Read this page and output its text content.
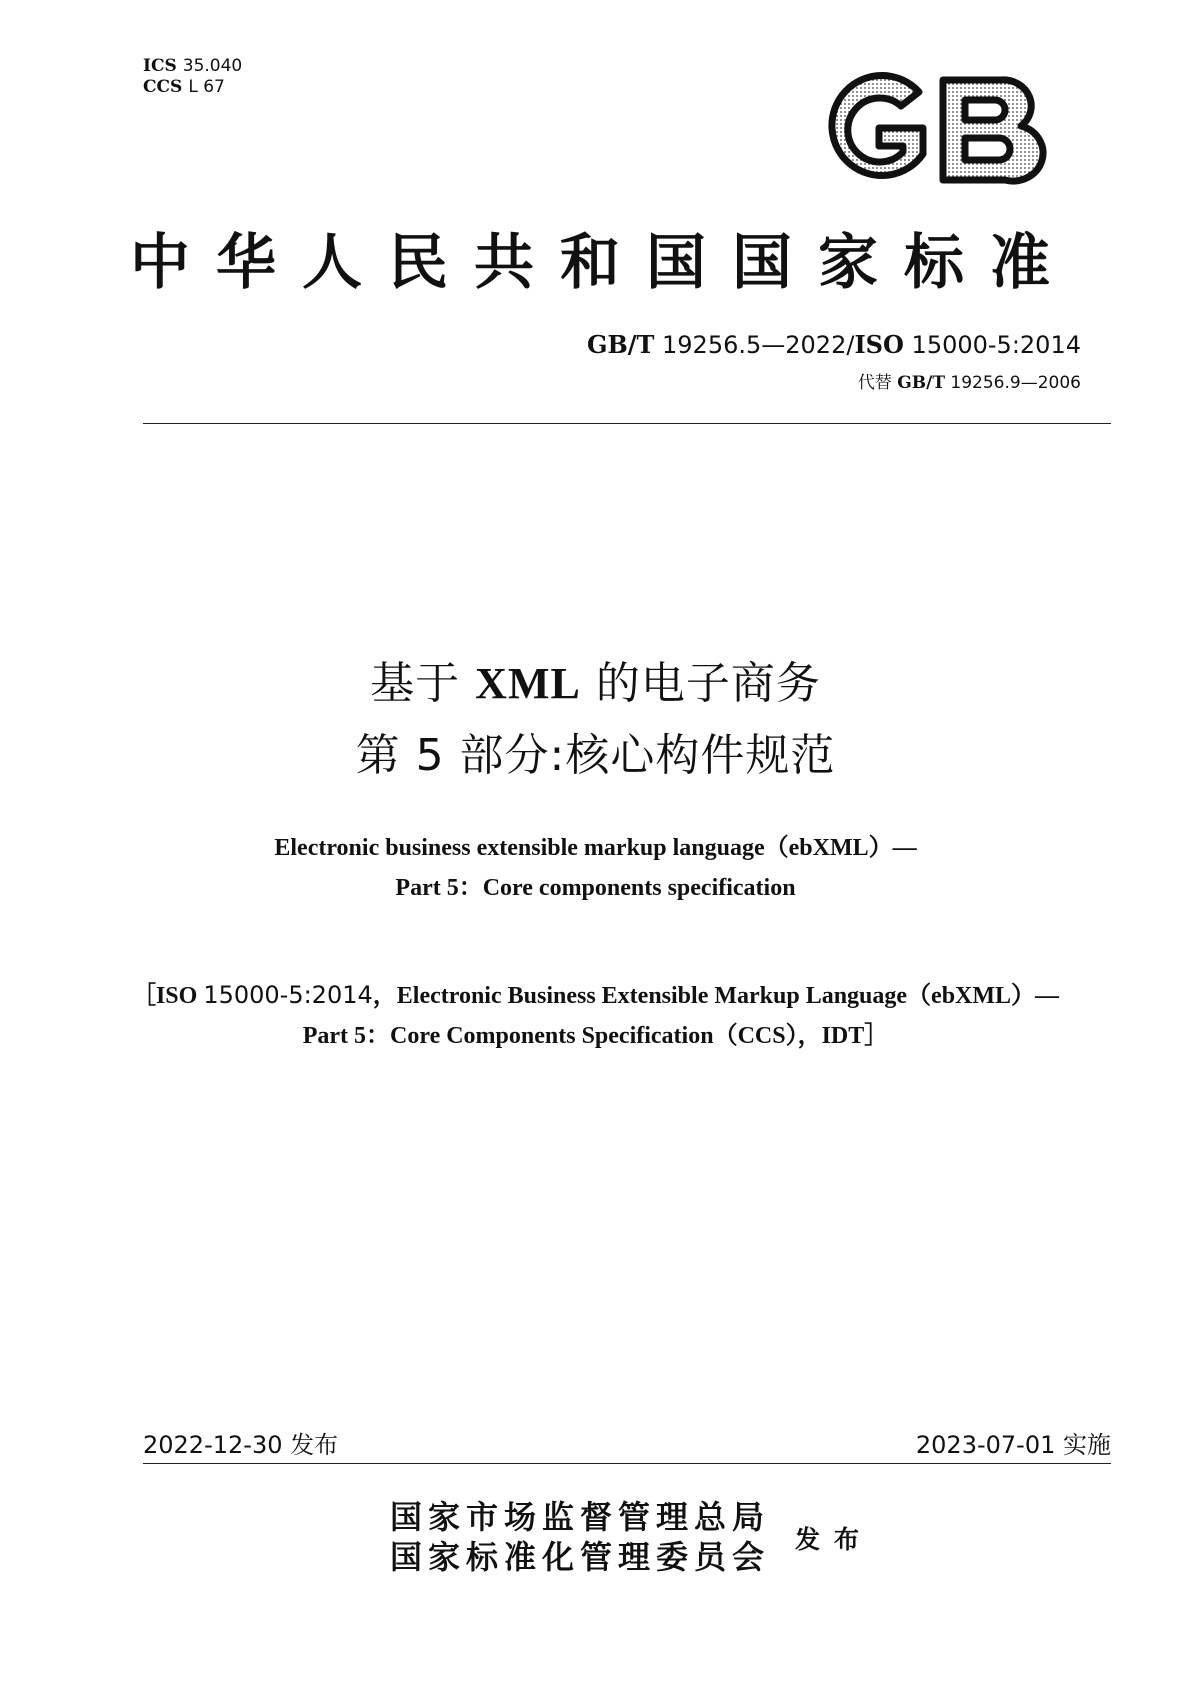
ICS 35.040
CCS L 67
中华人民共和国国家标准
GB/T 19256.5—2022/ISO 15000-5:2014
代替 GB/T 19256.9—2006
基于 XML 的电子商务
第 5 部分:核心构件规范
Electronic business extensible markup language（ebXML）—
Part 5：Core components specification
［ISO 15000-5:2014，Electronic Business Extensible Markup Language（ebXML）—
Part 5：Core Components Specification（CCS），IDT］
2022-12-30 发布	2023-07-01 实施
国家市场监督管理总局
国家标准化管理委员会 发布
